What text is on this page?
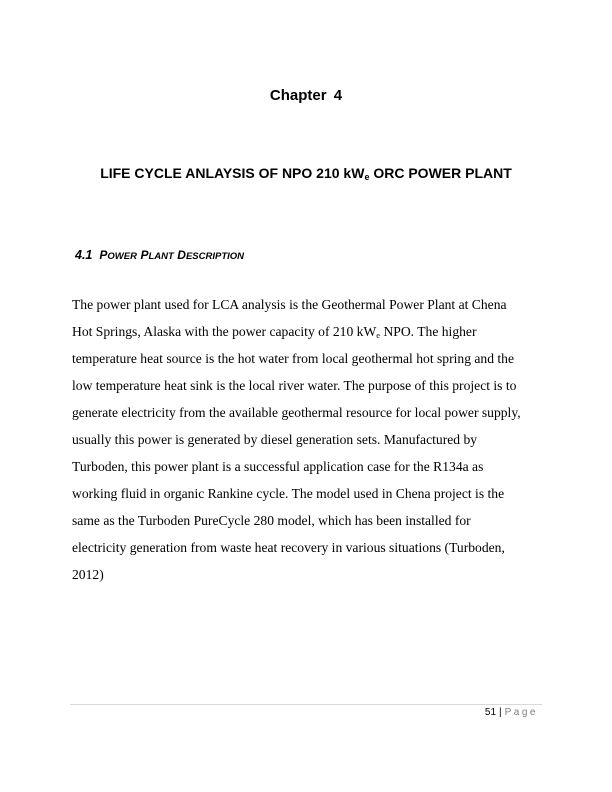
Chapter 4
LIFE CYCLE ANLAYSIS OF NPO 210 $kW_e$ ORC POWER PLANT
4.1 POWER PLANT DESCRIPTION
The power plant used for LCA analysis is the Geothermal Power Plant at Chena
Hot Springs, Alaska with the power capacity of 210 $kW_e$ NPO. The higher
temperature heat source is the hot water from local geothermal hot spring and the
low temperature heat sink is the local river water. The purpose of this project is to
generate electricity from the available geothermal resource for local power supply,
usually this power is generated by diesel generation sets. Manufactured by
Turboden, this power plant is a successful application case for the R134a as
working fluid in organic Rankine cycle. The model used in Chena project is the
same as the Turboden PureCycle 280 model, which has been installed for
electricity generation from waste heat recovery in various situations (Turboden,
2012)
51 | Page
